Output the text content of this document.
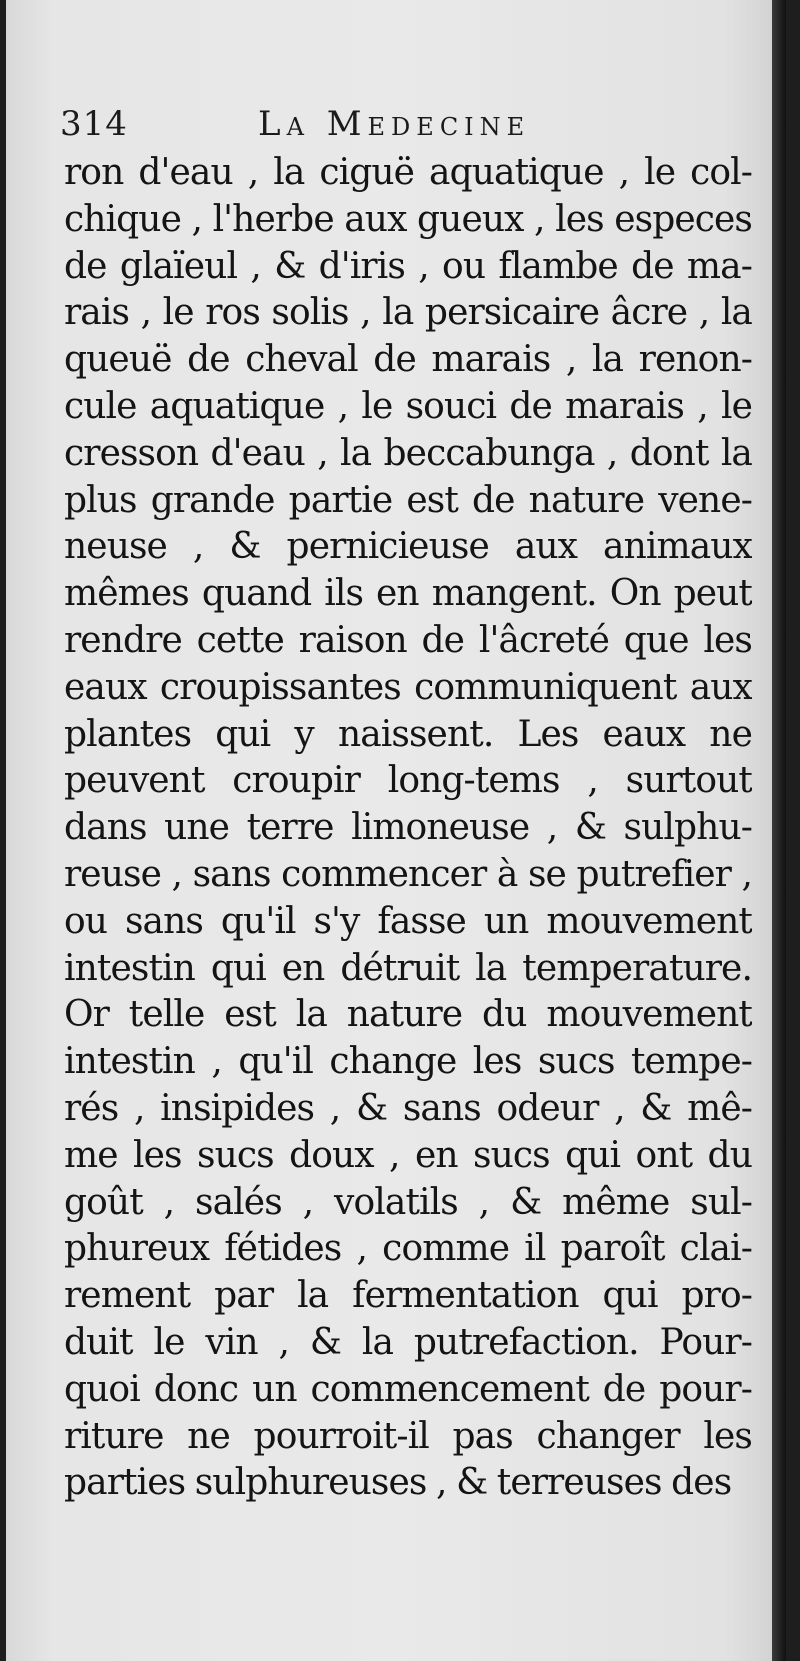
314	La Medecine
ron d'eau , la ciguë aquatique , le col-
chique , l'herbe aux gueux , les especes
de glaïeul , & d'iris , ou flambe de ma-
rais , le ros solis , la persicaire âcre , la
queuë de cheval de marais , la renon-
cule aquatique , le souci de marais , le
cresson d'eau , la beccabunga , dont la
plus grande partie est de nature vene-
neuse , & pernicieuse aux animaux
mêmes quand ils en mangent. On peut
rendre cette raison de l'âcreté que les
eaux croupissantes communiquent aux
plantes qui y naissent. Les eaux ne
peuvent croupir long-tems , surtout
dans une terre limoneuse , & sulphu-
reuse , sans commencer à se putrefier ,
ou sans qu'il s'y fasse un mouvement
intestin qui en détruit la temperature.
Or telle est la nature du mouvement
intestin , qu'il change les sucs tempe-
rés , insipides , & sans odeur , & mê-
me les sucs doux , en sucs qui ont du
goût , salés , volatils , & même sul-
phureux fétides , comme il paroît clai-
rement par la fermentation qui pro-
duit le vin , & la putrefaction. Pour-
quoi donc un commencement de pour-
riture ne pourroit-il pas changer les
parties sulphureuses , & terreuses des
